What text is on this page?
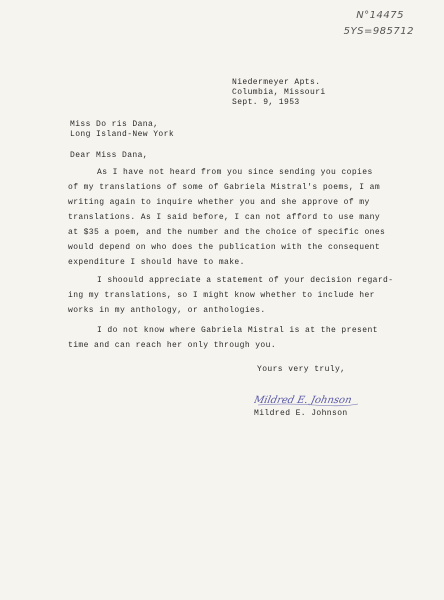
N°14475
5YS=985712
Niedermeyer Apts.
Columbia, Missouri
Sept. 9, 1953
Miss Do ris Dana,
Long Island-New York
Dear Miss Dana,
As I have not heard from you since sending you copies
of my translations of some of Gabriela Mistral's poems, I am
writing again to inquire whether you and she approve of my
translations. As I said before, I can not afford to use many
at $35 a poem, and the number and the choice of specific ones
would depend on who does the publication with the consequent
expenditure I should have to make.
I shoould appreciate a statement of your decision regard-
ing my translations, so I might know whether to include her
works in my anthology, or anthologies.
I do not know where Gabriela Mistral is at the present
time and can reach her only through you.
Yours very truly,
Mildred E. Johnson
Mildred E. Johnson
